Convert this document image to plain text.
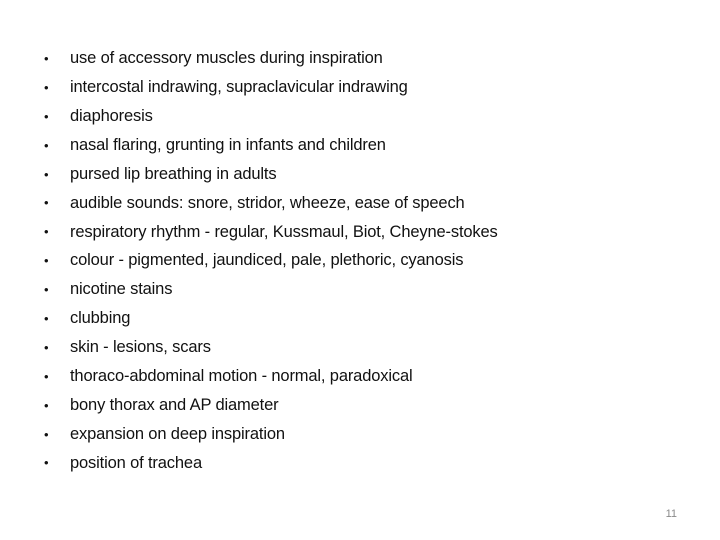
•	use of accessory muscles during inspiration
•	intercostal indrawing, supraclavicular indrawing
•	diaphoresis
•	nasal flaring, grunting in infants and children
•	pursed lip breathing in adults
•	audible sounds: snore, stridor, wheeze, ease of speech
•	respiratory rhythm - regular, Kussmaul, Biot, Cheyne-stokes
•	colour - pigmented, jaundiced, pale, plethoric, cyanosis
•	nicotine stains
•	clubbing
•	skin - lesions, scars
•	thoraco-abdominal motion - normal, paradoxical
•	bony thorax and AP diameter
•	expansion on deep inspiration
•	position of trachea
11
